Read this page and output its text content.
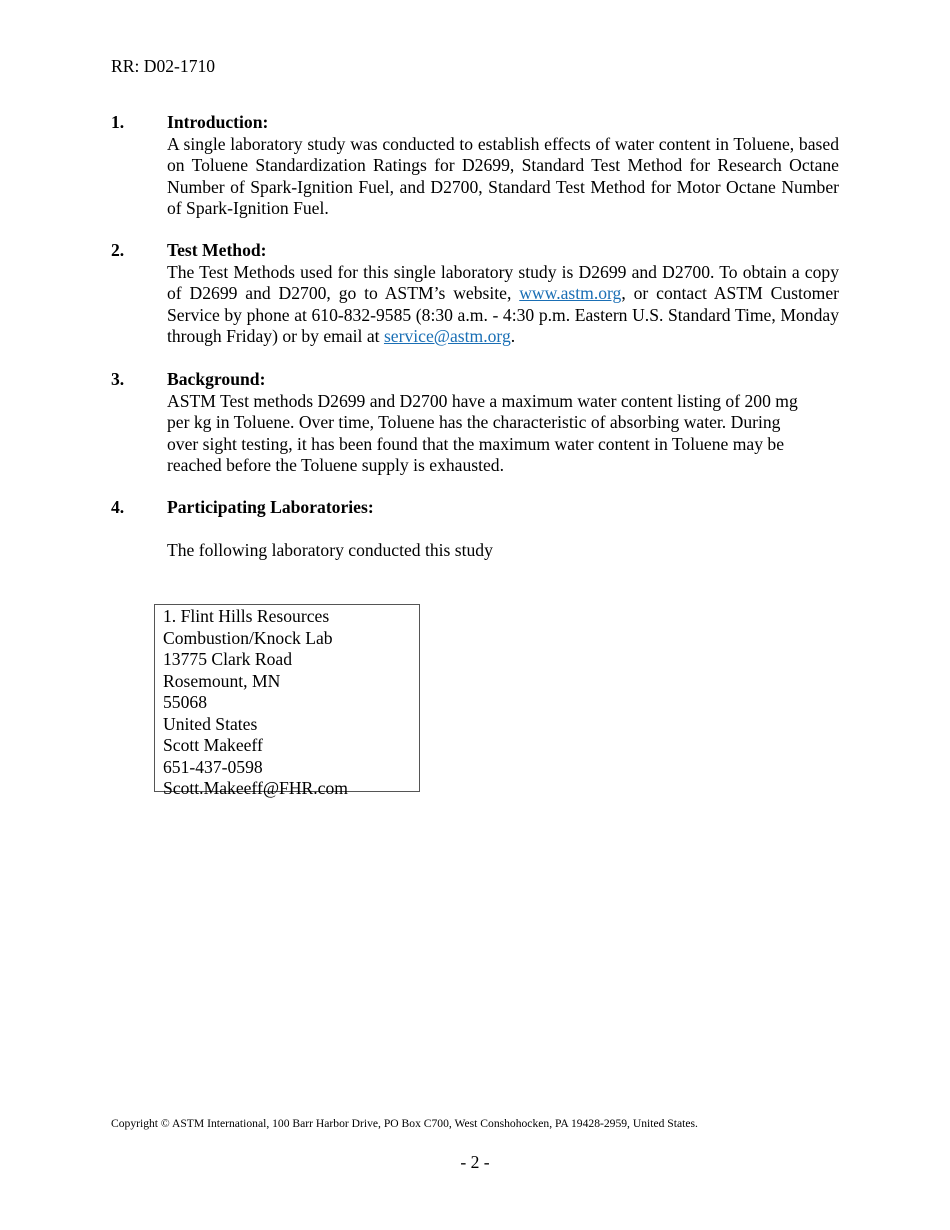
RR: D02-1710
1. Introduction:
A single laboratory study was conducted to establish effects of water content in Toluene, based on Toluene Standardization Ratings for D2699, Standard Test Method for Research Octane Number of Spark-Ignition Fuel, and D2700, Standard Test Method for Motor Octane Number of Spark-Ignition Fuel.
2. Test Method:
The Test Methods used for this single laboratory study is D2699 and D2700. To obtain a copy of D2699 and D2700, go to ASTM’s website, www.astm.org, or contact ASTM Customer Service by phone at 610-832-9585 (8:30 a.m. - 4:30 p.m. Eastern U.S. Standard Time, Monday through Friday) or by email at service@astm.org.
3. Background:
ASTM Test methods D2699 and D2700 have a maximum water content listing of 200 mg
per kg in Toluene. Over time, Toluene has the characteristic of absorbing water. During
over sight testing, it has been found that the maximum water content in Toluene may be
reached before the Toluene supply is exhausted.
4. Participating Laboratories:
The following laboratory conducted this study
1. Flint Hills Resources
Combustion/Knock Lab
13775 Clark Road
Rosemount, MN
55068
United States
Scott Makeeff
651-437-0598
Scott.Makeeff@FHR.com
Copyright © ASTM International, 100 Barr Harbor Drive, PO Box C700, West Conshohocken, PA 19428-2959, United States.
- 2 -
